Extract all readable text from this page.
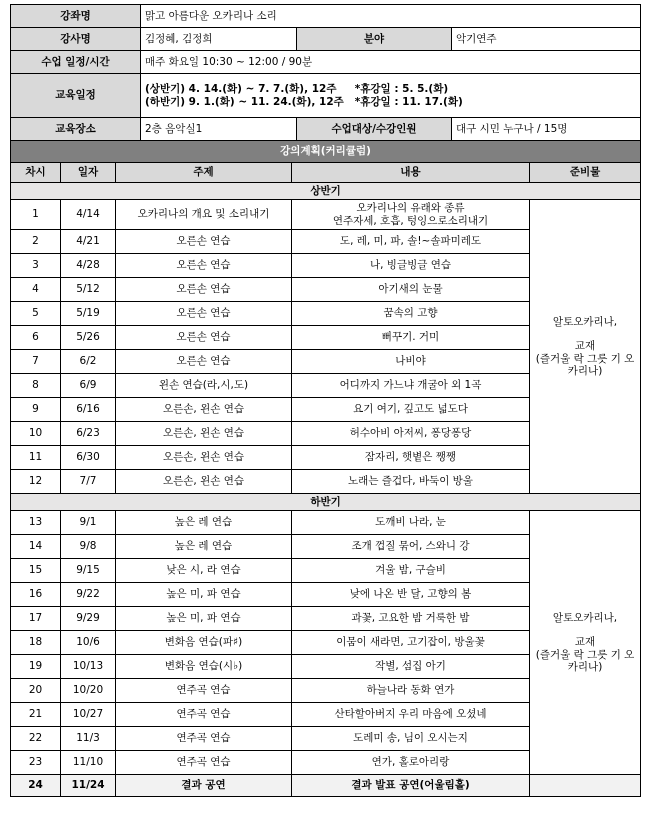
강좌명	맑고 아름다운 오카리나 소리		
강사명	김정혜, 김정희	분야	악기연주
수업 일정/시간	매주 화요일 10:30 ~ 12:00 / 90분		
교육일정	(상반기) 4. 14.(화) ~ 7. 7.(화), 12주     *휴강일 : 5. 5.(화)
(하반기) 9. 1.(화) ~ 11. 24.(화), 12주   *휴강일 : 11. 17.(화)		

교육장소	2층 음악실1	수업대상/수강인원	대구 시민 누구나 / 15명
강의계획(커리큘럼)				
차시	일자	주제	내용	준비물
상반기				
1	4/14	오카리나의 개요 및 소리내기	오카리나의 유래와 종류
연주자세, 호흡, 텅잉으로소리내기	알토오카리나,

교재
(즐거울 락 그릇 기 오카리나)
2	4/21	오른손 연습	도, 레, 미, 파, 솔!~솔파미레도	
3	4/28	오른손 연습	나, 빙글빙글 연습	
4	5/12	오른손 연습	아기새의 눈물	
5	5/19	오른손 연습	꿈속의 고향	
6	5/26	오른손 연습	뻐꾸기. 거미	
7	6/2	오른손 연습	나비야	
8	6/9	왼손 연습(라,시,도)	어디까지 가느냐 개굴아 외 1곡	
9	6/16	오른손, 왼손 연습	요기 여기, 깊고도 넓도다	
10	6/23	오른손, 왼손 연습	허수아비 아저씨, 퐁당퐁당	
11	6/30	오른손, 왼손 연습	잠자리, 햇볕은 쨍쨍	
12	7/7	오른손, 왼손 연습	노래는 즐겁다, 바둑이 방울	
하반기				
13	9/1	높은 레 연습	도깨비 나라, 눈	알토오카리나,

교재
(즐거울 락 그릇 기 오카리나)
14	9/8	높은 레 연습	조개 껍질 묶어, 스와니 강	
15	9/15	낮은 시, 라 연습	겨울 밤, 구슬비	
16	9/22	높은 미, 파 연습	낮에 나온 반 달, 고향의 봄	
17	9/29	높은 미, 파 연습	과꽃, 고요한 밤 거룩한 밤	
18	10/6	변화음 연습(파♯)	이뭄이 새라면, 고기잡이, 방울꽃	
19	10/13	변화음 연습(시♭)	작별, 섬집 아기	
20	10/20	연주곡 연습	하늘나라 동화 연가	
21	10/27	연주곡 연습	산타할아버지 우리 마음에 오셨네	
22	11/3	연주곡 연습	도레미 송, 님이 오시는지	
23	11/10	연주곡 연습	연가, 홀로아리랑	
24	11/24	결과 공연	결과 발표 공연(어울림홀)	
